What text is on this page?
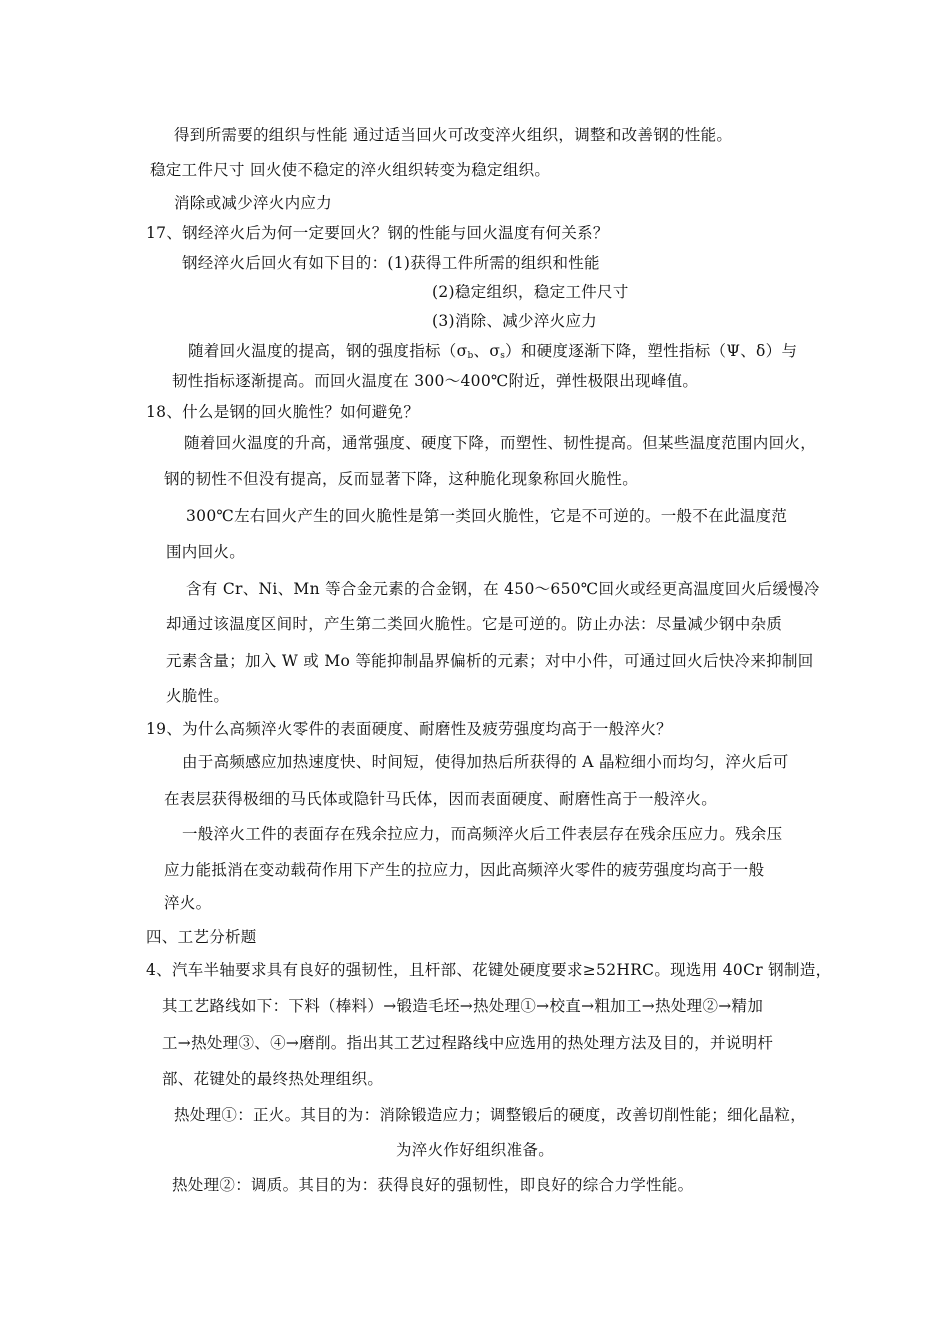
得到所需要的组织与性能 通过适当回火可改变淬火组织，调整和改善钢的性能。
稳定工件尺寸 回火使不稳定的淬火组织转变为稳定组织。
消除或减少淬火内应力
17、钢经淬火后为何一定要回火？钢的性能与回火温度有何关系？
钢经淬火后回火有如下目的：(1)获得工件所需的组织和性能
(2)稳定组织，稳定工件尺寸
(3)消除、减少淬火应力
随着回火温度的提高，钢的强度指标（$\sigma_b$、$\sigma_s$）和硬度逐渐下降，塑性指标（Ψ、δ）与
韧性指标逐渐提高。而回火温度在 300～400℃附近，弹性极限出现峰值。
18、什么是钢的回火脆性？如何避免？
随着回火温度的升高，通常强度、硬度下降，而塑性、韧性提高。但某些温度范围内回火，
钢的韧性不但没有提高，反而显著下降，这种脆化现象称回火脆性。
300℃左右回火产生的回火脆性是第一类回火脆性，它是不可逆的。一般不在此温度范
围内回火。
含有 Cr、Ni、Mn 等合金元素的合金钢，在 450～650℃回火或经更高温度回火后缓慢冷
却通过该温度区间时，产生第二类回火脆性。它是可逆的。防止办法：尽量减少钢中杂质
元素含量；加入 W 或 Mo 等能抑制晶界偏析的元素；对中小件，可通过回火后快冷来抑制回
火脆性。
19、为什么高频淬火零件的表面硬度、耐磨性及疲劳强度均高于一般淬火？
由于高频感应加热速度快、时间短，使得加热后所获得的 A 晶粒细小而均匀，淬火后可
在表层获得极细的马氏体或隐针马氏体，因而表面硬度、耐磨性高于一般淬火。
一般淬火工件的表面存在残余拉应力，而高频淬火后工件表层存在残余压应力。残余压
应力能抵消在变动载荷作用下产生的拉应力，因此高频淬火零件的疲劳强度均高于一般
淬火。
四、工艺分析题
4、汽车半轴要求具有良好的强韧性，且杆部、花键处硬度要求≥52HRC。现选用 40Cr 钢制造，
其工艺路线如下：下料（棒料）→锻造毛坯→热处理①→校直→粗加工→热处理②→精加
工→热处理③、④→磨削。指出其工艺过程路线中应选用的热处理方法及目的，并说明杆
部、花键处的最终热处理组织。
热处理①：正火。其目的为：消除锻造应力；调整锻后的硬度，改善切削性能；细化晶粒，
为淬火作好组织准备。
热处理②：调质。其目的为：获得良好的强韧性，即良好的综合力学性能。
